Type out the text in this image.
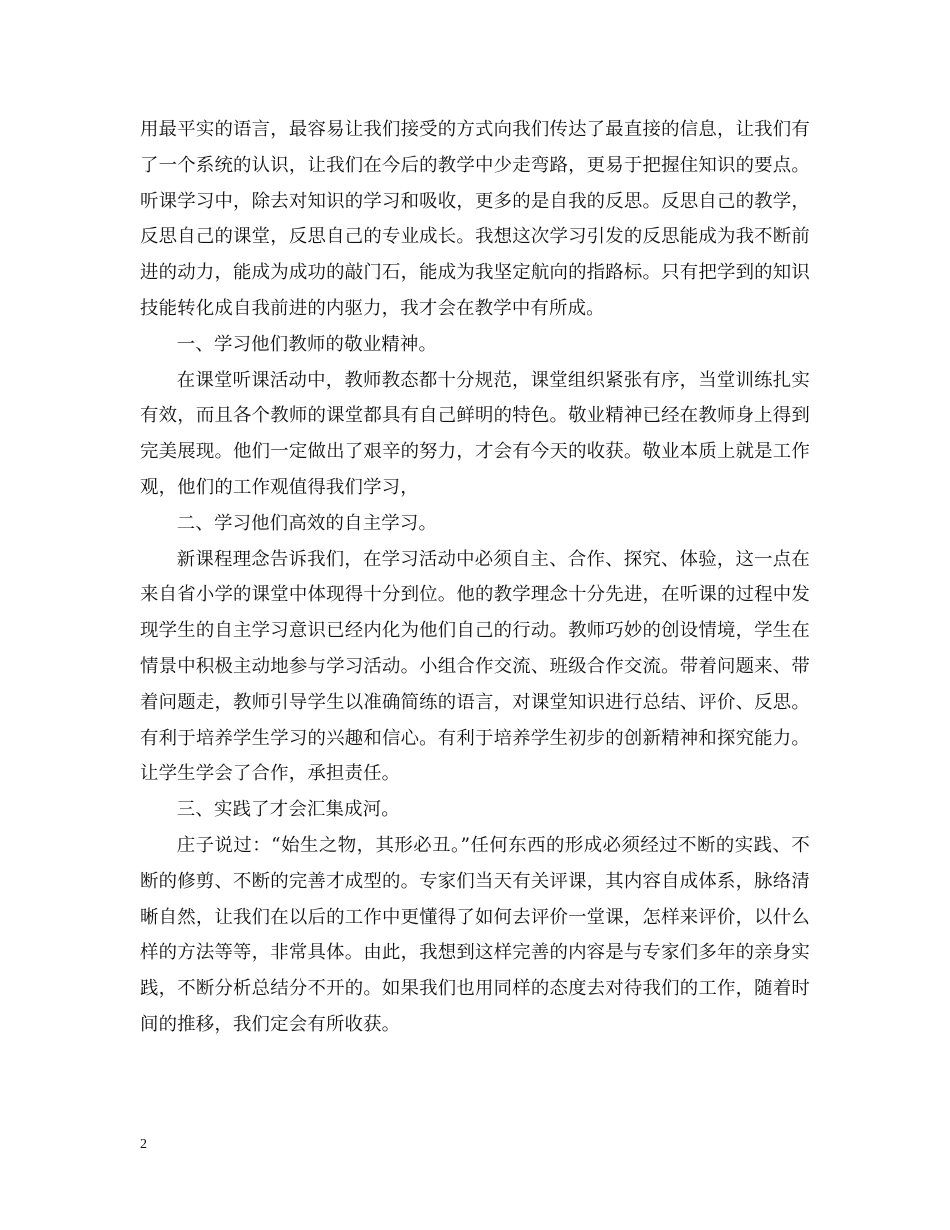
用最平实的语言，最容易让我们接受的方式向我们传达了最直接的信息，让我们有了一个系统的认识，让我们在今后的教学中少走弯路，更易于把握住知识的要点。听课学习中，除去对知识的学习和吸收，更多的是自我的反思。反思自己的教学，反思自己的课堂，反思自己的专业成长。我想这次学习引发的反思能成为我不断前进的动力，能成为成功的敲门石，能成为我坚定航向的指路标。只有把学到的知识技能转化成自我前进的内驱力，我才会在教学中有所成。

一、学习他们教师的敬业精神。

在课堂听课活动中，教师教态都十分规范，课堂组织紧张有序，当堂训练扎实有效，而且各个教师的课堂都具有自己鲜明的特色。敬业精神已经在教师身上得到完美展现。他们一定做出了艰辛的努力，才会有今天的收获。敬业本质上就是工作观，他们的工作观值得我们学习，

二、学习他们高效的自主学习。

新课程理念告诉我们，在学习活动中必须自主、合作、探究、体验，这一点在来自省小学的课堂中体现得十分到位。他的教学理念十分先进，在听课的过程中发现学生的自主学习意识已经内化为他们自己的行动。教师巧妙的创设情境，学生在情景中积极主动地参与学习活动。小组合作交流、班级合作交流。带着问题来、带着问题走，教师引导学生以准确简练的语言，对课堂知识进行总结、评价、反思。有利于培养学生学习的兴趣和信心。有利于培养学生初步的创新精神和探究能力。让学生学会了合作，承担责任。

三、实践了才会汇集成河。

庄子说过：“始生之物，其形必丑。”任何东西的形成必须经过不断的实践、不断的修剪、不断的完善才成型的。专家们当天有关评课，其内容自成体系，脉络清晰自然，让我们在以后的工作中更懂得了如何去评价一堂课，怎样来评价，以什么样的方法等等，非常具体。由此，我想到这样完善的内容是与专家们多年的亲身实践，不断分析总结分不开的。如果我们也用同样的态度去对待我们的工作，随着时间的推移，我们定会有所收获。

2
